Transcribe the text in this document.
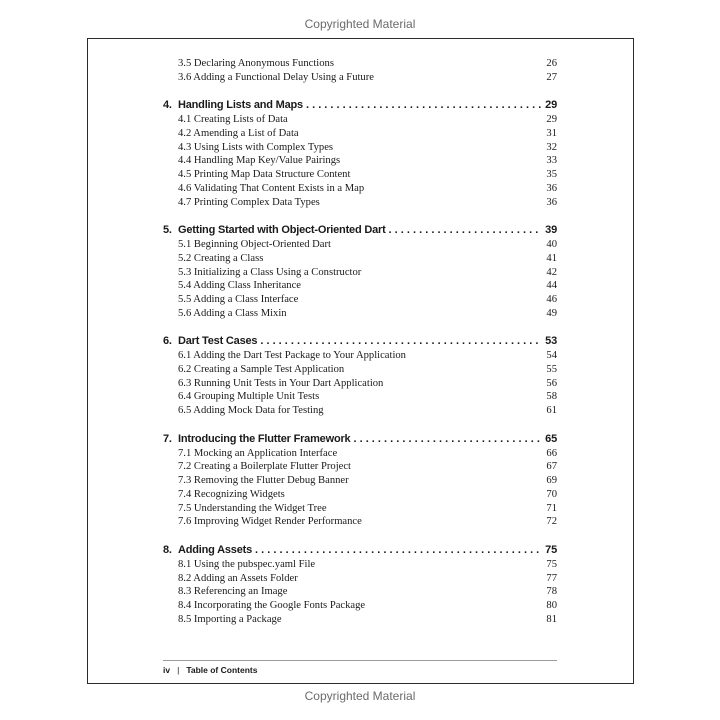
Copyrighted Material
3.5 Declaring Anonymous Functions	26
3.6 Adding a Functional Delay Using a Future	27
4. Handling Lists and Maps . . .	29
4.1 Creating Lists of Data	29
4.2 Amending a List of Data	31
4.3 Using Lists with Complex Types	32
4.4 Handling Map Key/Value Pairings	33
4.5 Printing Map Data Structure Content	35
4.6 Validating That Content Exists in a Map	36
4.7 Printing Complex Data Types	36
5. Getting Started with Object-Oriented Dart . . .	39
5.1 Beginning Object-Oriented Dart	40
5.2 Creating a Class	41
5.3 Initializing a Class Using a Constructor	42
5.4 Adding Class Inheritance	44
5.5 Adding a Class Interface	46
5.6 Adding a Class Mixin	49
6. Dart Test Cases . . .	53
6.1 Adding the Dart Test Package to Your Application	54
6.2 Creating a Sample Test Application	55
6.3 Running Unit Tests in Your Dart Application	56
6.4 Grouping Multiple Unit Tests	58
6.5 Adding Mock Data for Testing	61
7. Introducing the Flutter Framework . . .	65
7.1 Mocking an Application Interface	66
7.2 Creating a Boilerplate Flutter Project	67
7.3 Removing the Flutter Debug Banner	69
7.4 Recognizing Widgets	70
7.5 Understanding the Widget Tree	71
7.6 Improving Widget Render Performance	72
8. Adding Assets . . .	75
8.1 Using the pubspec.yaml File	75
8.2 Adding an Assets Folder	77
8.3 Referencing an Image	78
8.4 Incorporating the Google Fonts Package	80
8.5 Importing a Package	81
iv | Table of Contents
Copyrighted Material
